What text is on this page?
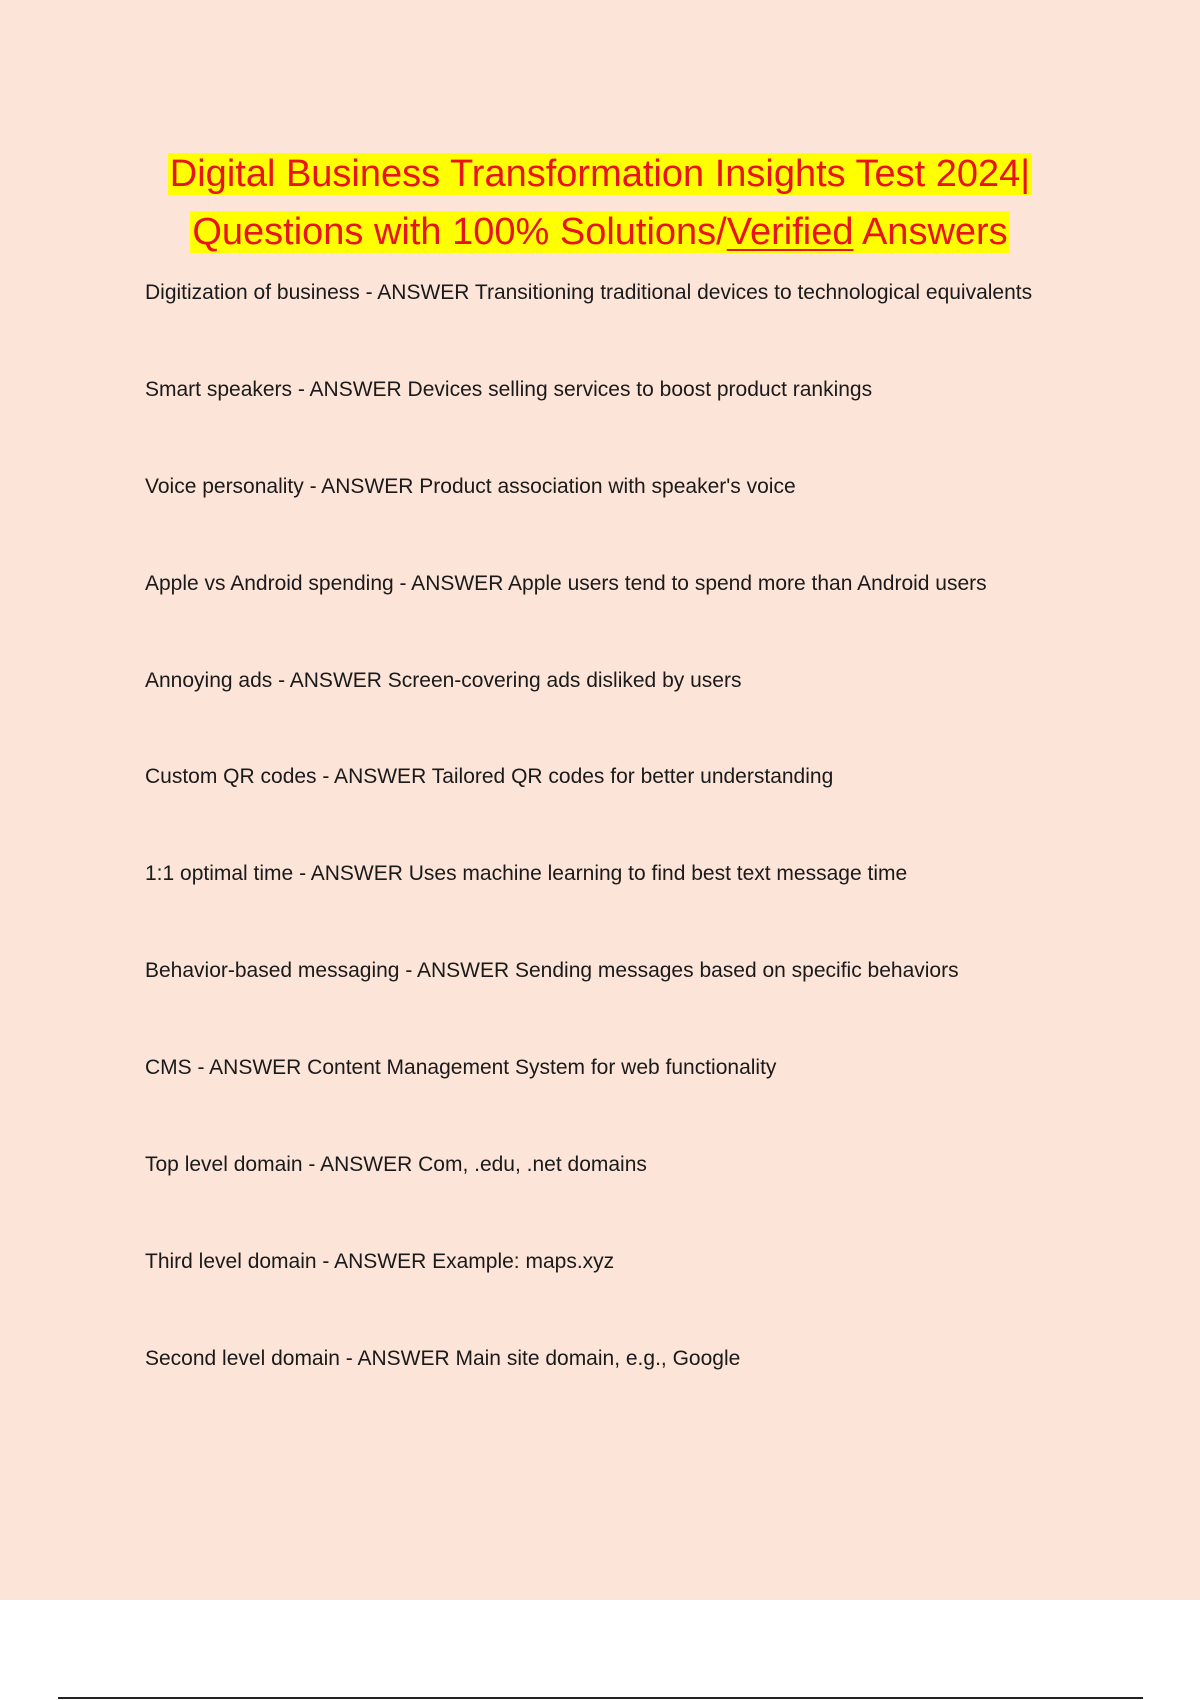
Digital Business Transformation Insights Test 2024|
Questions with 100% Solutions/Verified Answers
Digitization of business - ANSWER Transitioning traditional devices to technological equivalents
Smart speakers - ANSWER Devices selling services to boost product rankings
Voice personality - ANSWER Product association with speaker's voice
Apple vs Android spending - ANSWER Apple users tend to spend more than Android users
Annoying ads - ANSWER Screen-covering ads disliked by users
Custom QR codes - ANSWER Tailored QR codes for better understanding
1:1 optimal time - ANSWER Uses machine learning to find best text message time
Behavior-based messaging - ANSWER Sending messages based on specific behaviors
CMS - ANSWER Content Management System for web functionality
Top level domain - ANSWER Com, .edu, .net domains
Third level domain - ANSWER Example: maps.xyz
Second level domain - ANSWER Main site domain, e.g., Google
